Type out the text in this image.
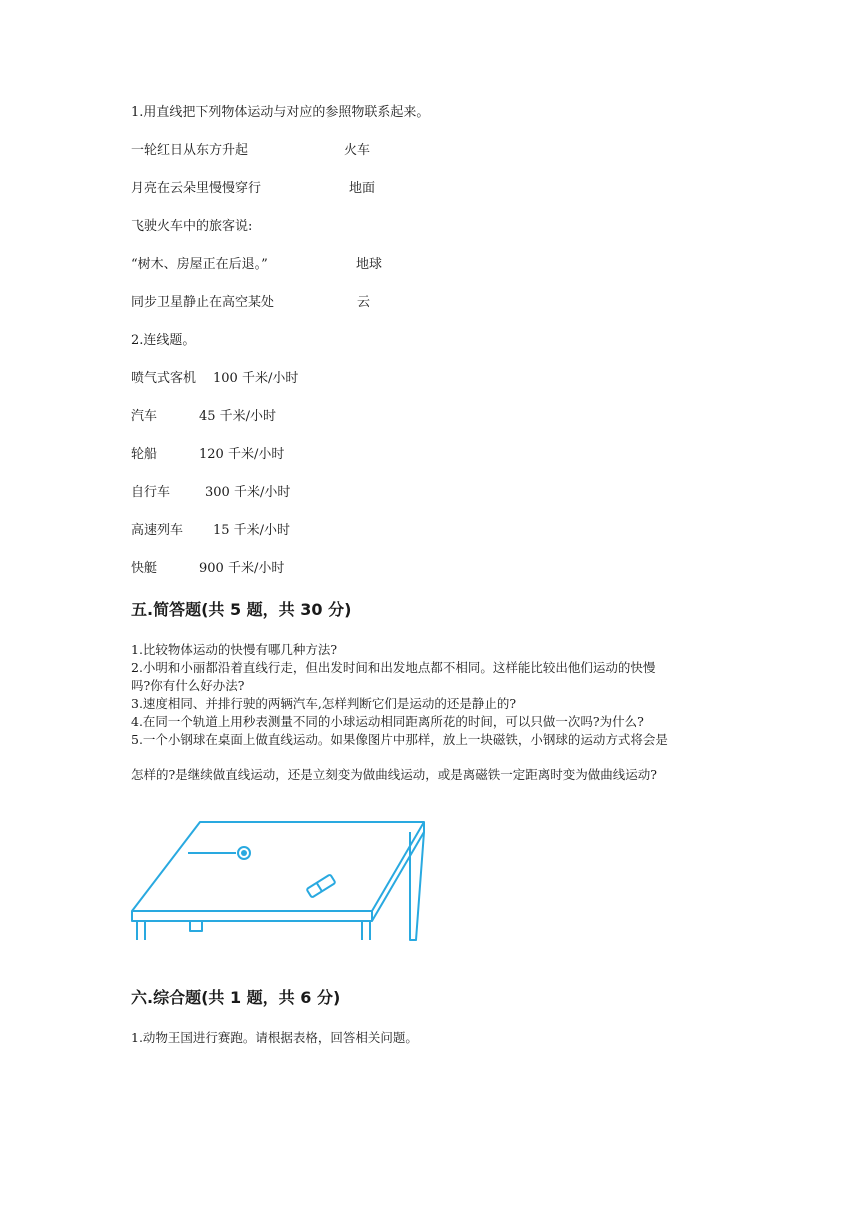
1.用直线把下列物体运动与对应的参照物联系起来。
一轮红日从东方升起	火车
月亮在云朵里慢慢穿行	地面
飞驶火车中的旅客说:
“树木、房屋正在后退。”	地球
同步卫星静止在高空某处	云
2.连线题。
喷气式客机 100 千米/小时
汽车	45 千米/小时
轮船	120 千米/小时
自行车	300 千米/小时
高速列车 15 千米/小时
快艇	900 千米/小时
五.简答题(共 5 题，共 30 分)
1.比较物体运动的快慢有哪几种方法?
2.小明和小丽都沿着直线行走，但出发时间和出发地点都不相同。这样能比较出他们运动的快慢
吗?你有什么好办法?
3.速度相同、并排行驶的两辆汽车,怎样判断它们是运动的还是静止的?
4.在同一个轨道上用秒表测量不同的小球运动相同距离所花的时间，可以只做一次吗?为什么?
5.一个小钢球在桌面上做直线运动。如果像图片中那样，放上一块磁铁，小钢球的运动方式将会是
怎样的?是继续做直线运动，还是立刻变为做曲线运动，或是离磁铁一定距离时变为做曲线运动?
六.综合题(共 1 题，共 6 分)
1.动物王国进行赛跑。请根据表格，回答相关问题。
